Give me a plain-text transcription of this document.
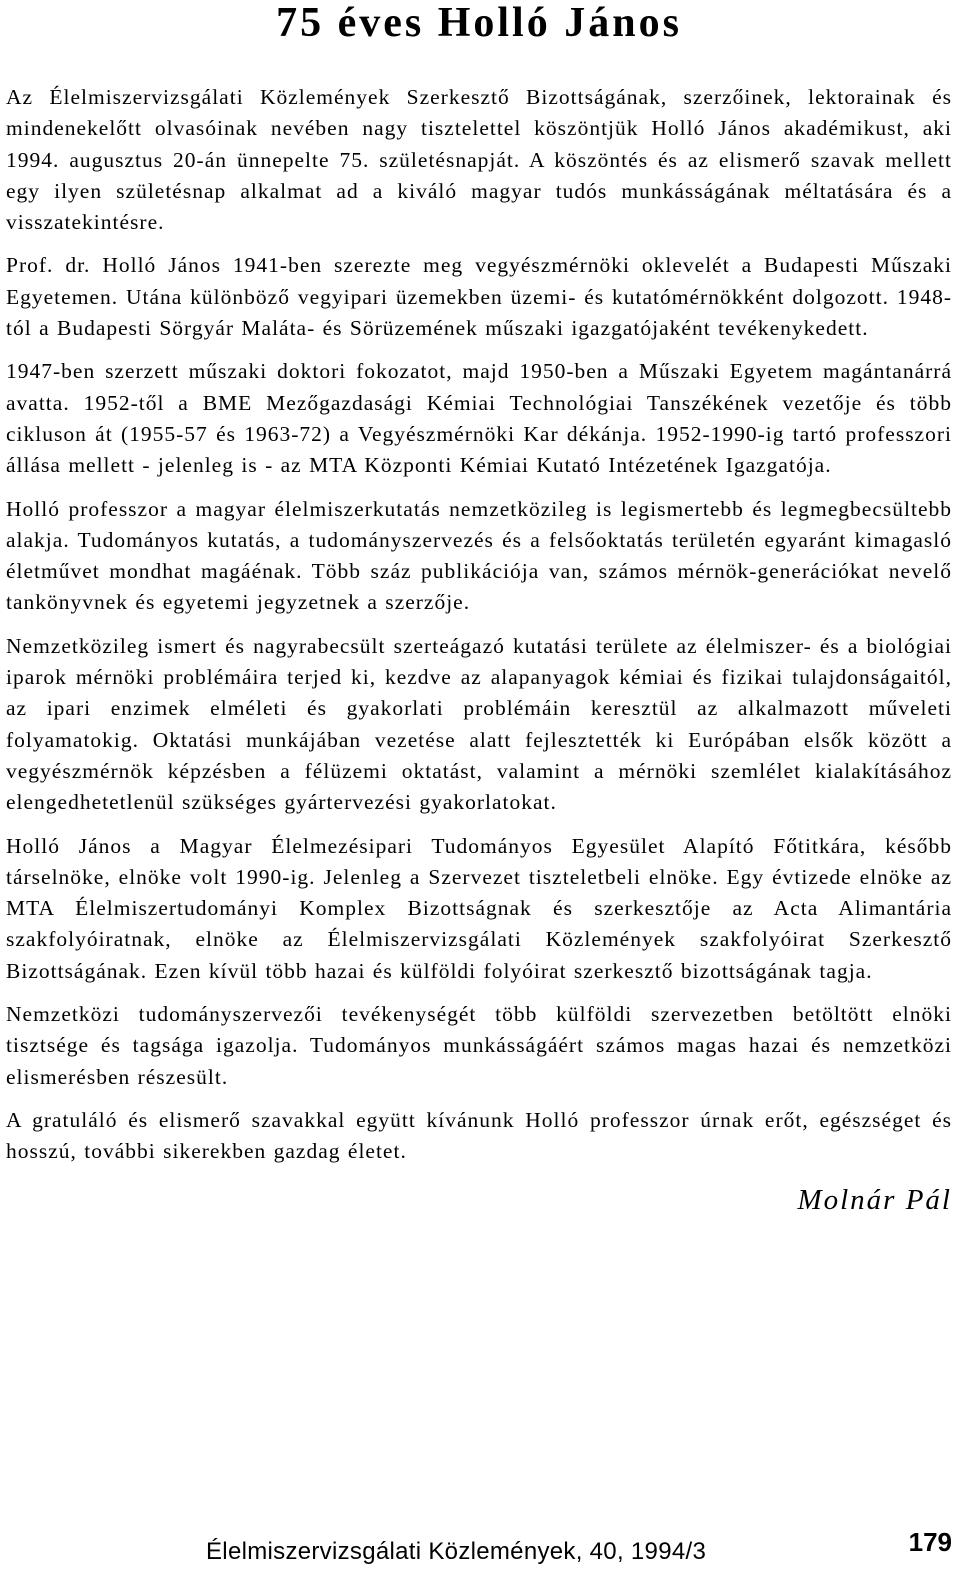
75 éves Holló János

Az Élelmiszervizsgálati Közlemények Szerkesztő Bizottságának, szerzőinek, lektorainak és mindenekelőtt olvasóinak nevében nagy tisztelettel köszöntjük Holló János akadémikust, aki 1994. augusztus 20-án ünnepelte 75. születésnapját. A köszöntés és az elismerő szavak mellett egy ilyen születésnap alkalmat ad a kiváló magyar tudós munkásságának méltatására és a visszatekintésre.

Prof. dr. Holló János 1941-ben szerezte meg vegyészmérnöki oklevelét a Budapesti Műszaki Egyetemen. Utána különböző vegyipari üzemekben üzemi- és kutatómérnökként dolgozott. 1948-tól a Budapesti Sörgyár Maláta- és Sörüzemének műszaki igazgatójaként tevékenykedett.

1947-ben szerzett műszaki doktori fokozatot, majd 1950-ben a Műszaki Egyetem magántanárrá avatta. 1952-től a BME Mezőgazdasági Kémiai Technológiai Tanszékének vezetője és több cikluson át (1955-57 és 1963-72) a Vegyészmérnöki Kar dékánja. 1952-1990-ig tartó professzori állása mellett - jelenleg is - az MTA Központi Kémiai Kutató Intézetének Igazgatója.

Holló professzor a magyar élelmiszerkutatás nemzetközileg is legismertebb és legmegbecsültebb alakja. Tudományos kutatás, a tudományszervezés és a felsőoktatás területén egyaránt kimagasló életművet mondhat magáénak. Több száz publikációja van, számos mérnök-generációkat nevelő tankönyvnek és egyetemi jegyzetnek a szerzője.

Nemzetközileg ismert és nagyrabecsült szerteágazó kutatási területe az élelmiszer- és a biológiai iparok mérnöki problémáira terjed ki, kezdve az alapanyagok kémiai és fizikai tulajdonságaitól, az ipari enzimek elméleti és gyakorlati problémáin keresztül az alkalmazott műveleti folyamatokig. Oktatási munkájában vezetése alatt fejlesztették ki Európában elsők között a vegyészmérnök képzésben a félüzemi oktatást, valamint a mérnöki szemlélet kialakításához elengedhetetlenül szükséges gyártervezési gyakorlatokat.

Holló János a Magyar Élelmezésipari Tudományos Egyesület Alapító Főtitkára, később társelnöke, elnöke volt 1990-ig. Jelenleg a Szervezet tiszteletbeli elnöke. Egy évtizede elnöke az MTA Élelmiszertudományi Komplex Bizottságnak és szerkesztője az Acta Alimantária szakfolyóiratnak, elnöke az Élelmiszervizsgálati Közlemények szakfolyóirat Szerkesztő Bizottságának. Ezen kívül több hazai és külföldi folyóirat szerkesztő bizottságának tagja.

Nemzetközi tudományszervezői tevékenységét több külföldi szervezetben betöltött elnöki tisztsége és tagsága igazolja. Tudományos munkásságáért számos magas hazai és nemzetközi elismerésben részesült.

A gratuláló és elismerő szavakkal együtt kívánunk Holló professzor úrnak erőt, egészséget és hosszú, további sikerekben gazdag életet.

Molnár Pál
Élelmiszervizsgálati Közlemények, 40, 1994/3	179
